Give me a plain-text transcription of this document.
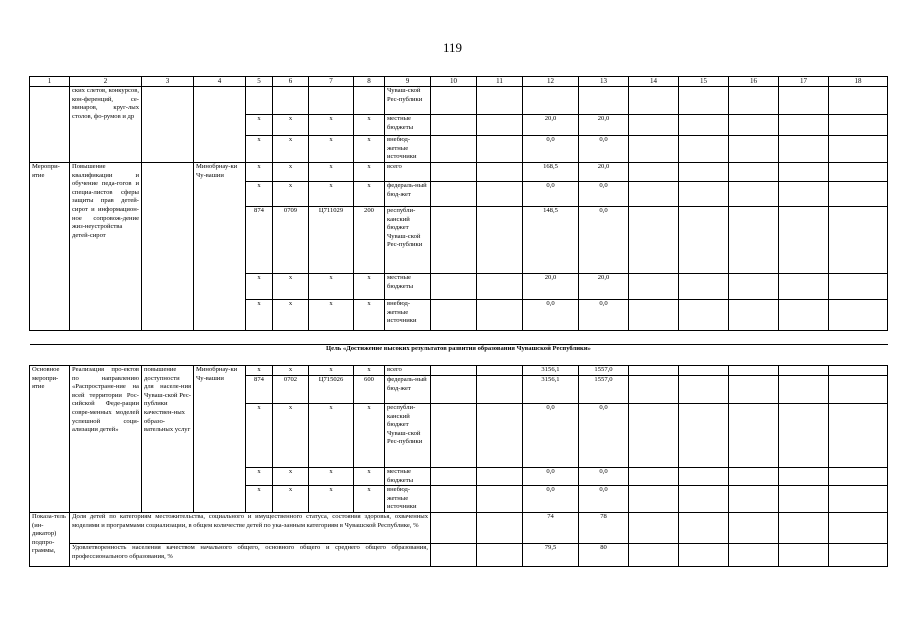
119
1	2	3	4	5	6	7	8	9	10	11	12	13	14	15	16	17	18
	ских слетов, конкурсов, кон-ференций, се-минаров, круг-лых столов, фо-румов и др							Чуваш-ской Рес-публики									
				х	х	х	х	местные бюджеты			20,0	20,0					
				х	х	х	х	внебюд-жетные источники			0,0	0,0					
Меропри-ятие	Повышение квалификации и обучение педа-гогов и специа-листов сферы защиты прав детей-сирот и информацион-ное сопровож-дение жиз-неустройства детей-сирот		Минобрнау-ки Чу-вашии	х	х	х	х	всего			168,5	20,0					
				х	х	х	х	федераль-ный бюд-жет			0,0	0,0					
				874	0709	Ц711029	200	республи-канский бюджет Чуваш-ской Рес-публики			148,5	0,0					
				х	х	х	х	местные бюджеты			20,0	20,0					
				х	х	х	х	внебюд-жетные источники			0,0	0,0					

Цель «Достижение высоких результатов развития образования Чувашской Республики»																	
Основное меропри-ятие	Реализация про-ектов по направлению «Распростране-ние на всей территории Рос-сийской Феде-рации совре-менных моделей успешной соци-ализации детей»	повышение доступности для населе-ния Чуваш-ской Рес-публики качествен-ных образо-вательных услуг	Минобрнау-ки Чу-вашии	х	х	х	х	всего			3156,1	1557,0					
				874	0702	Ц715026	600	федераль-ный бюд-жет			3156,1	1557,0					
				х	х	х	х	республи-канский бюджет Чуваш-ской Рес-публики			0,0	0,0					
				х	х	х	х	местные бюджеты			0,0	0,0					
				х	х	х	х	внебюд-жетные источники			0,0	0,0					
Показа-тель (ин-дикатор) подпро-граммы,	Доля детей по категориям местожительства, социального и имущественного статуса, состояния здоровья, охваченных моделями и программами социализации, в общем количестве детей по ука-занным категориям в Чувашской Республике, %										74	78					
	Удовлетворенность населения качеством начального общего, основного общего и среднего общего образования, профессионального образования, %										79,5	80					
